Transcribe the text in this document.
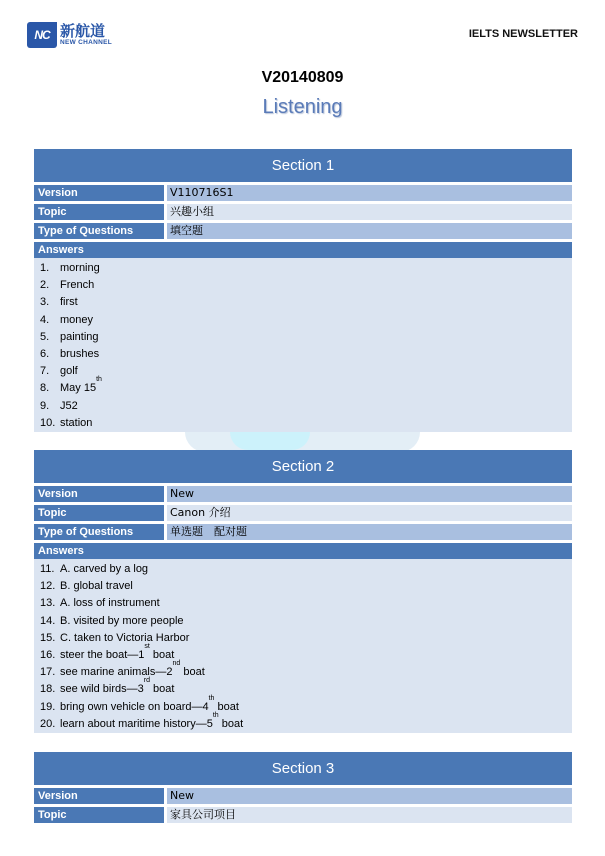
NC 新航道
NEW CHANNEL
IELTS NEWSLETTER
V20140809
Listening
Section 1
Version	V110716S1
Topic	兴趣小组
Type of Questions	填空题
Answers
1. morning
2. French
3. first
4. money
5. painting
6. brushes
7. golf
8. May 15
th
9. J52
10. station
Section 2
Version	New
Topic	Canon 介绍
Type of Questions	单选题　配对题
Answers
11. A. carved by a log
12. B. global travel
13. A. loss of instrument
14. B. visited by more people
15. C. taken to Victoria Harbor
16. steer the boat—1
st
boat
17. see marine animals—2
nd
boat
18. see wild birds—3
rd
boat
19. bring own vehicle on board—4
th
boat
20. learn about maritime history—5
th
boat
Section 3
Version	New
Topic	家具公司项目
